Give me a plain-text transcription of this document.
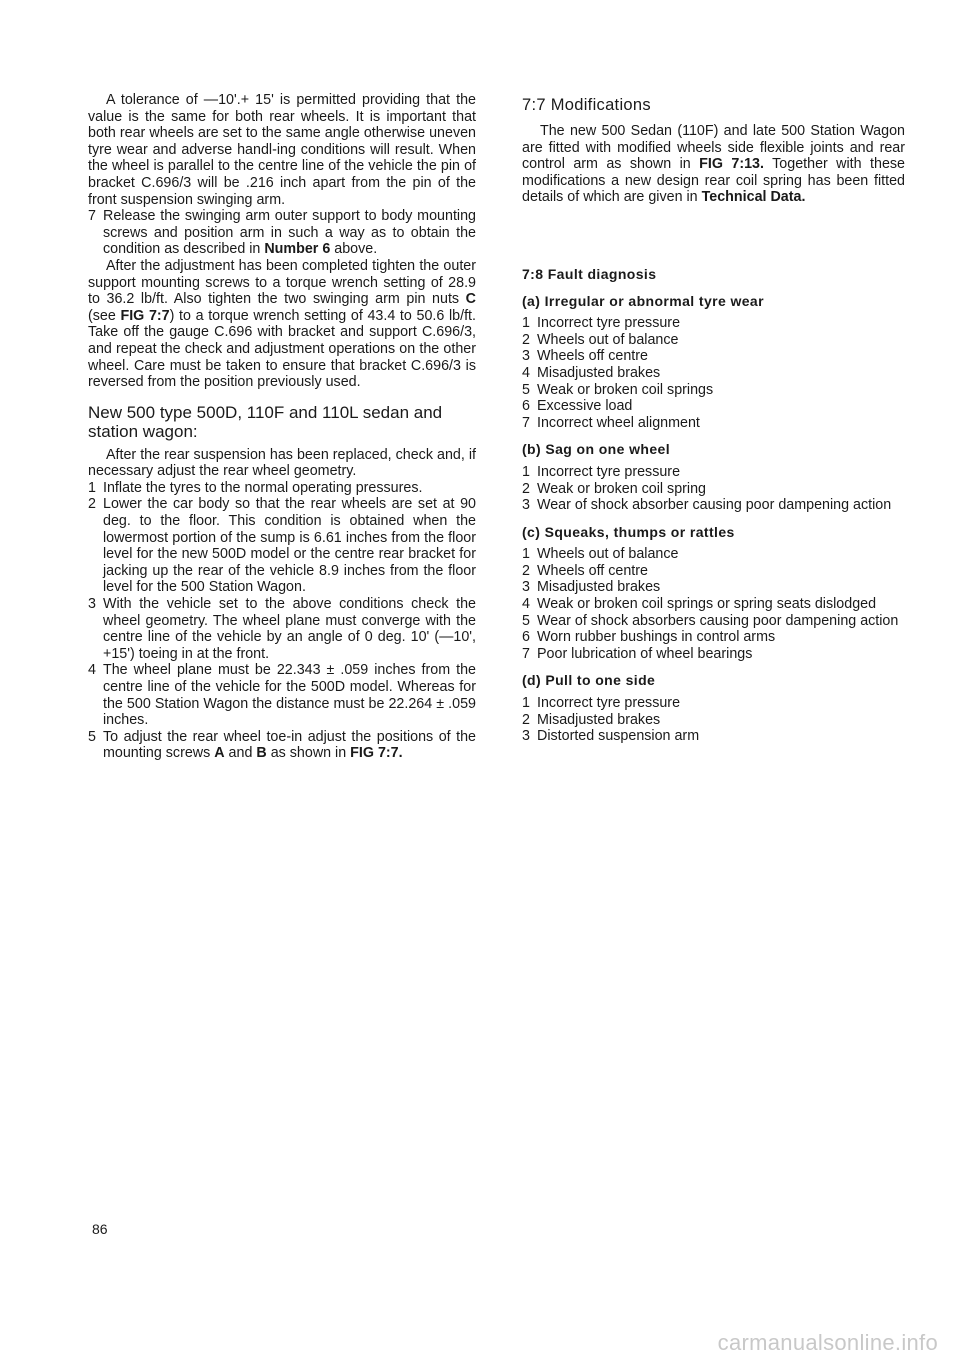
A tolerance of —10'.+ 15' is permitted providing that the value is the same for both rear wheels. It is important that both rear wheels are set to the same angle otherwise uneven tyre wear and adverse handl-ing conditions will result. When the wheel is parallel to the centre line of the vehicle the pin of bracket C.696/3 will be .216 inch apart from the pin of the front suspension swinging arm.

7 Release the swinging arm outer support to body mounting screws and position arm in such a way as to obtain the condition as described in Number 6 above.

After the adjustment has been completed tighten the outer support mounting screws to a torque wrench setting of 28.9 to 36.2 lb/ft. Also tighten the two swinging arm pin nuts C (see FIG 7:7) to a torque wrench setting of 43.4 to 50.6 lb/ft. Take off the gauge C.696 with bracket and support C.696/3, and repeat the check and adjustment operations on the other wheel. Care must be taken to ensure that bracket C.696/3 is reversed from the position previously used.

New 500 type 500D, 110F and 110L sedan and station wagon:

After the rear suspension has been replaced, check and, if necessary adjust the rear wheel geometry.

1 Inflate the tyres to the normal operating pressures.

2 Lower the car body so that the rear wheels are set at 90 deg. to the floor. This condition is obtained when the lowermost portion of the sump is 6.61 inches from the floor level for the new 500D model or the centre rear bracket for jacking up the rear of the vehicle 8.9 inches from the floor level for the 500 Station Wagon.

3 With the vehicle set to the above conditions check the wheel geometry. The wheel plane must converge with the centre line of the vehicle by an angle of 0 deg. 10' (—10', +15') toeing in at the front.

4 The wheel plane must be 22.343 ± .059 inches from the centre line of the vehicle for the 500D model. Whereas for the 500 Station Wagon the distance must be 22.264 ± .059 inches.

5 To adjust the rear wheel toe-in adjust the positions of the mounting screws A and B as shown in FIG 7:7.

7:7 Modifications

The new 500 Sedan (110F) and late 500 Station Wagon are fitted with modified wheels side flexible joints and rear control arm as shown in FIG 7:13. Together with these modifications a new design rear coil spring has been fitted details of which are given in Technical Data.

7:8 Fault diagnosis

(a) Irregular or abnormal tyre wear

1 Incorrect tyre pressure
2 Wheels out of balance
3 Wheels off centre
4 Misadjusted brakes
5 Weak or broken coil springs
6 Excessive load
7 Incorrect wheel alignment

(b) Sag on one wheel

1 Incorrect tyre pressure
2 Weak or broken coil spring
3 Wear of shock absorber causing poor dampening action

(c) Squeaks, thumps or rattles

1 Wheels out of balance
2 Wheels off centre
3 Misadjusted brakes
4 Weak or broken coil springs or spring seats dislodged
5 Wear of shock absorbers causing poor dampening action
6 Worn rubber bushings in control arms
7 Poor lubrication of wheel bearings

(d) Pull to one side

1 Incorrect tyre pressure
2 Misadjusted brakes
3 Distorted suspension arm
86
carmanualsonline.info
